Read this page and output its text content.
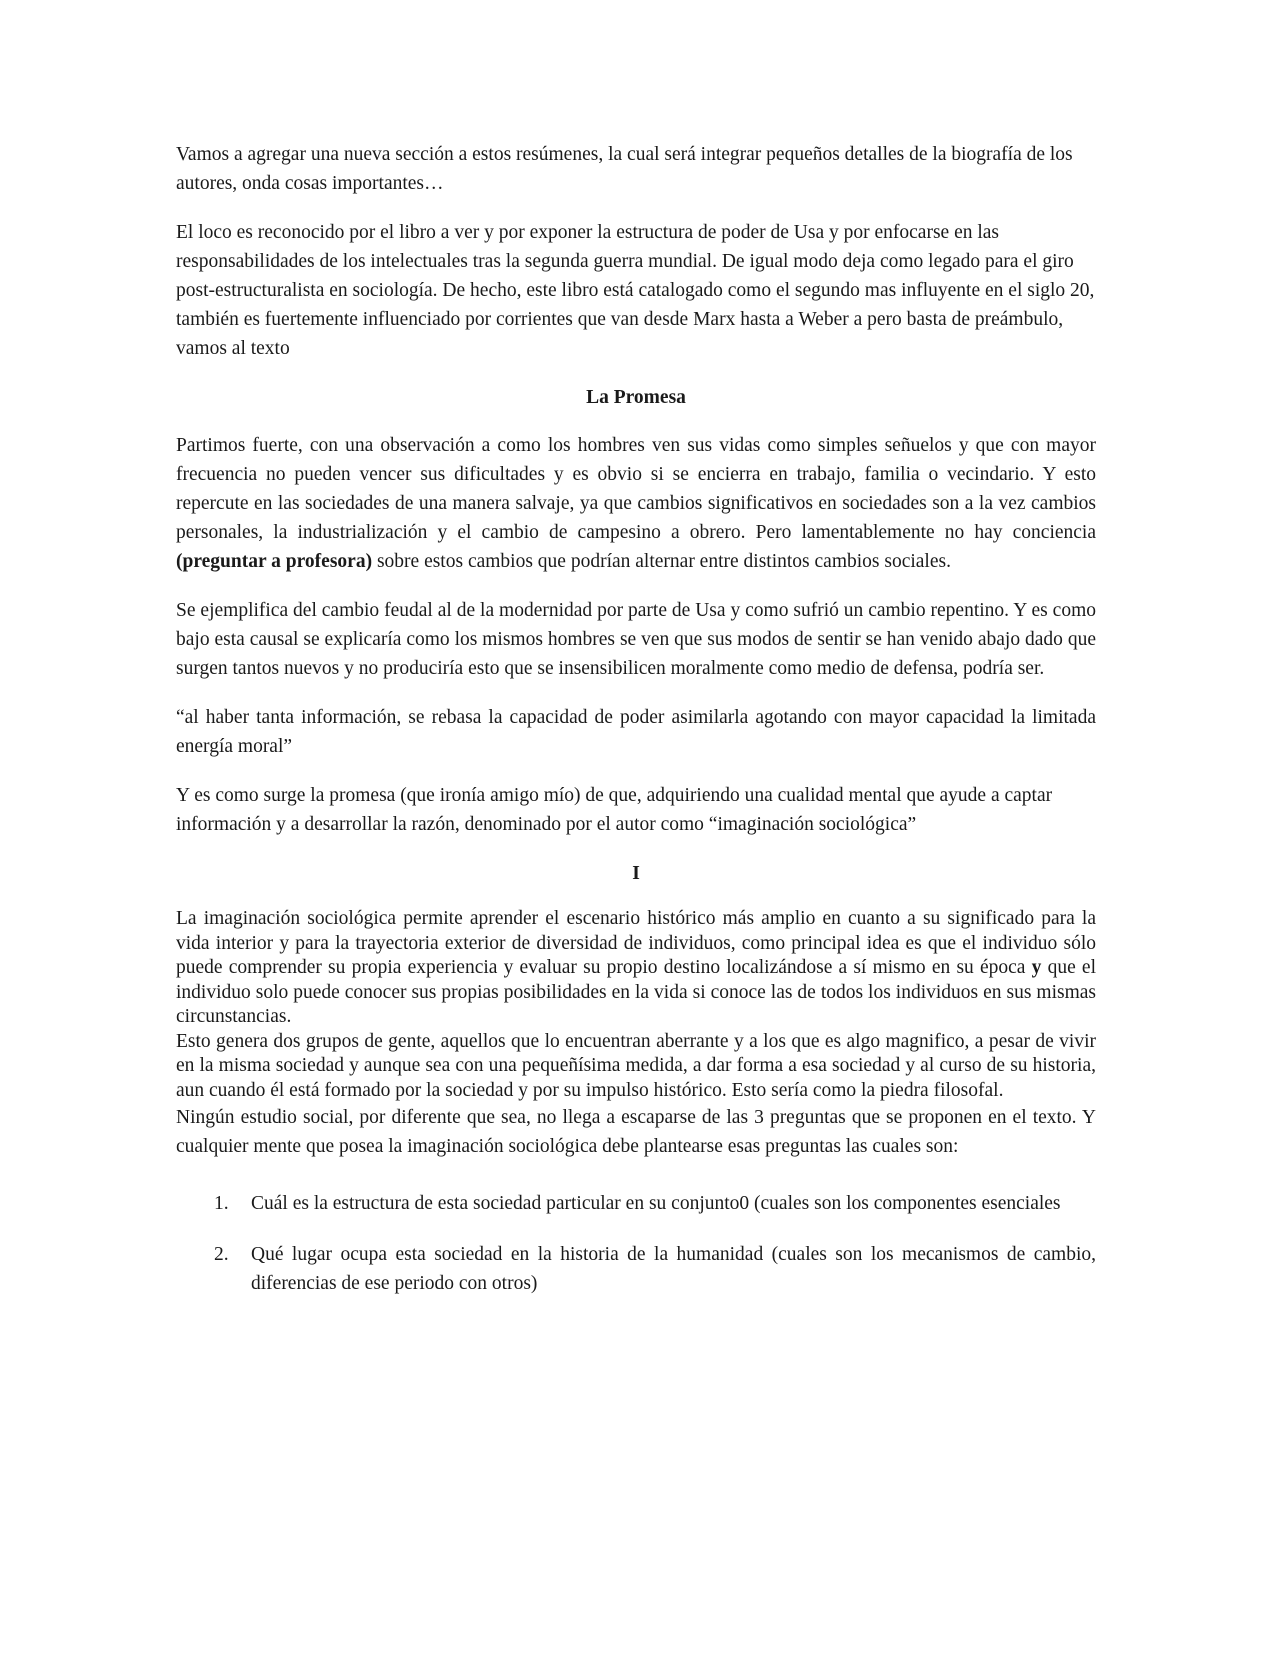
Vamos a agregar una nueva sección a estos resúmenes, la cual será integrar pequeños detalles de la biografía de los autores, onda cosas importantes…

El loco es reconocido por el libro a ver y por exponer la estructura de poder de Usa y por enfocarse en las responsabilidades de los intelectuales tras la segunda guerra mundial. De igual modo deja como legado para el giro post-estructuralista en sociología. De hecho, este libro está catalogado como el segundo mas influyente en el siglo 20, también es fuertemente influenciado por corrientes que van desde Marx hasta a Weber a pero basta de preámbulo, vamos al texto

La Promesa

Partimos fuerte, con una observación a como los hombres ven sus vidas como simples señuelos y que con mayor frecuencia no pueden vencer sus dificultades y es obvio si se encierra en trabajo, familia o vecindario. Y esto repercute en las sociedades de una manera salvaje, ya que cambios significativos en sociedades son a la vez cambios personales, la industrialización y el cambio de campesino a obrero. Pero lamentablemente no hay conciencia (preguntar a profesora) sobre estos cambios que podrían alternar entre distintos cambios sociales.

Se ejemplifica del cambio feudal al de la modernidad por parte de Usa y como sufrió un cambio repentino. Y es como bajo esta causal se explicaría como los mismos hombres se ven que sus modos de sentir se han venido abajo dado que surgen tantos nuevos y no produciría esto que se insensibilicen moralmente como medio de defensa, podría ser.

“al haber tanta información, se rebasa la capacidad de poder asimilarla agotando con mayor capacidad la limitada energía moral”

Y es como surge la promesa (que ironía amigo mío) de que, adquiriendo una cualidad mental que ayude a captar información y a desarrollar la razón, denominado por el autor como “imaginación sociológica”

I

La imaginación sociológica permite aprender el escenario histórico más amplio en cuanto a su significado para la vida interior y para la trayectoria exterior de diversidad de individuos, como principal idea es que el individuo sólo puede comprender su propia experiencia y evaluar su propio destino localizándose a sí mismo en su época y que el individuo solo puede conocer sus propias posibilidades en la vida si conoce las de todos los individuos en sus mismas circunstancias.

Esto genera dos grupos de gente, aquellos que lo encuentran aberrante y a los que es algo magnifico, a pesar de vivir en la misma sociedad y aunque sea con una pequeñísima medida, a dar forma a esa sociedad y al curso de su historia, aun cuando él está formado por la sociedad y por su impulso histórico. Esto sería como la piedra filosofal.

Ningún estudio social, por diferente que sea, no llega a escaparse de las 3 preguntas que se proponen en el texto. Y cualquier mente que posea la imaginación sociológica debe plantearse esas preguntas las cuales son:

1.	Cuál es la estructura de esta sociedad particular en su conjunto0 (cuales son los componentes esenciales
2.	Qué lugar ocupa esta sociedad en la historia de la humanidad (cuales son los mecanismos de cambio, diferencias de ese periodo con otros)
